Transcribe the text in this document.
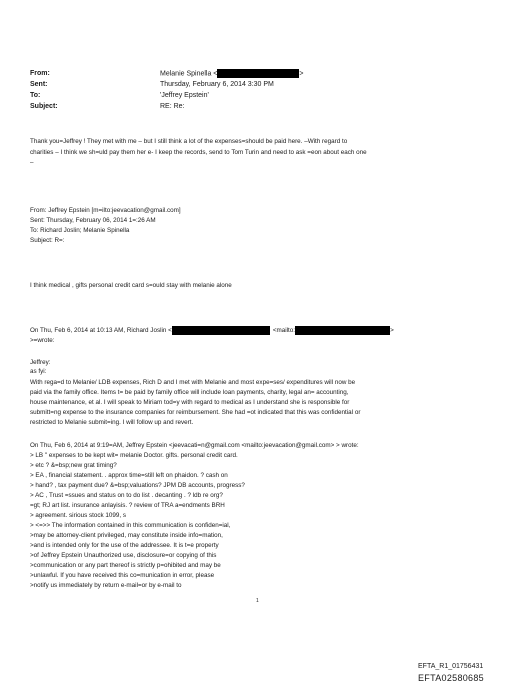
From:	Melanie Spinella <	>
Sent:	Thursday, February 6, 2014 3:30 PM
To:	'Jeffrey Epstein'
Subject:	RE: Re:
Thank you=Jeffrey ! They met with me – but I still think a lot of the expenses=should be paid here. –With regard to
charities – I think we sh=uld pay them her e- I keep the records, send to Tom Turin and need to ask =eon about each one
–
From: Jeffrey Epstein [m=ilto:jeevacation@gmail.com]
Sent: Thursday, February 06, 2014 1=:26 AM
To: Richard Joslin; Melanie Spinella
Subject: R=:
I think medical , gifts personal credit card s=ould stay with melanie alone
On Thu, Feb 6, 2014 at 10:13 AM, Richard Joslin <	<mailto:	>
>=wrote:
Jeffrey:
as fyi:
With rega=d to Melanie/ LDB expenses, Rich D and I met with Melanie and most expe=ses/ expenditures will now be
paid via the family office. Items t= be paid by family office will include loan payments, charity, legal an= accounting,
house maintenance, et al. I will speak to Miriam tod=y with regard to medical as I understand she is responsible for
submitt=ng expense to the insurance companies for reimbursement. She had =ot indicated that this was confidential or
restricted to Melanie submit=ing. I will follow up and revert.
On Thu, Feb 6, 2014 at 9:19=AM, Jeffrey Epstein <jeevacati=n@gmail.com <mailto:jeevacation@gmail.com> > wrote:
> LB " expenses to be kept wit= melanie Doctor. gifts. personal credit card.
> etc ? &=bsp;new grat timing?
> EA , financial statement. . approx time=still left on phaidon. ? cash on
> hand? , tax payment due? &=bsp;valuations? JPM DB accounts, progress?
> AC , Trust =ssues and status on to do list . decanting . ? ldb re org?
=gt; RJ art list. insurance anlayisis. ? review of TRA a=endments BRH
> agreement. sirious stock 1099, s
> <=>> The information contained in this communication is confiden=ial,
>may be attorney-client privileged, may constitute inside info=mation,
>and is intended only for the use of the addressee. It is t=e property
>of Jeffrey Epstein Unauthorized use, disclosure=or copying of this
>communication or any part thereof is strictly p=ohibited and may be
>unlawful. If you have received this co=munication in error, please
>notify us immediately by return e-mail=or by e-mail to
1
EFTA_R1_01756431
EFTA02580685
